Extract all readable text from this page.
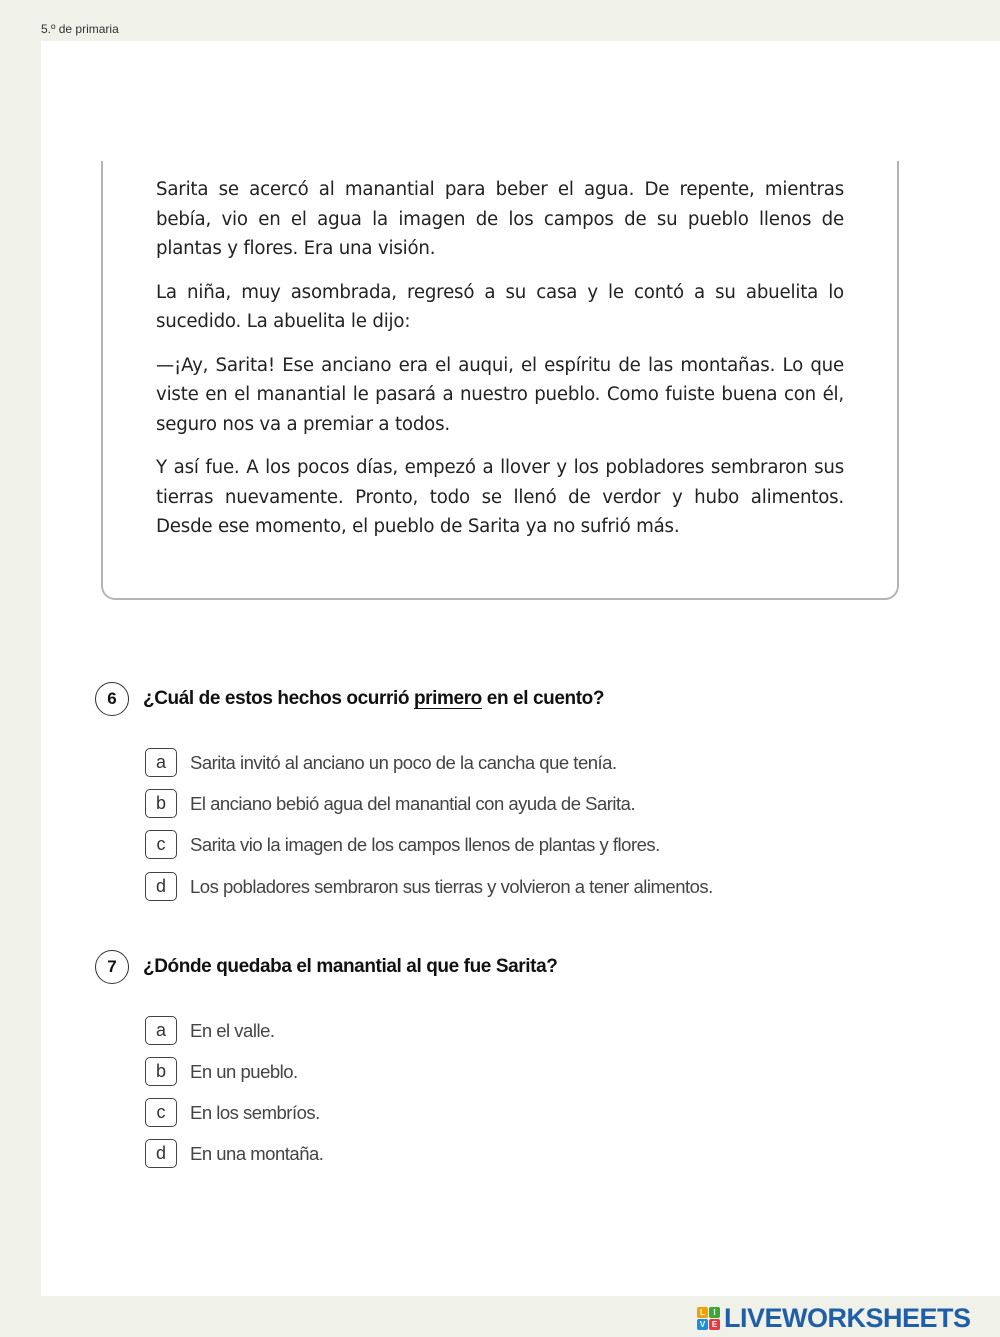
5.º de primaria

Sarita se acercó al manantial para beber el agua. De repente, mientras bebía, vio en el agua la imagen de los campos de su pueblo llenos de plantas y flores. Era una visión.

La niña, muy asombrada, regresó a su casa y le contó a su abuelita lo sucedido. La abuelita le dijo:

—¡Ay, Sarita! Ese anciano era el auqui, el espíritu de las montañas. Lo que viste en el manantial le pasará a nuestro pueblo. Como fuiste buena con él, seguro nos va a premiar a todos.

Y así fue. A los pocos días, empezó a llover y los pobladores sembraron sus tierras nuevamente. Pronto, todo se llenó de verdor y hubo alimentos. Desde ese momento, el pueblo de Sarita ya no sufrió más.

6	¿Cuál de estos hechos ocurrió primero en el cuento?
a	Sarita invitó al anciano un poco de la cancha que tenía.
b	El anciano bebió agua del manantial con ayuda de Sarita.
c	Sarita vio la imagen de los campos llenos de plantas y flores.
d	Los pobladores sembraron sus tierras y volvieron a tener alimentos.
7	¿Dónde quedaba el manantial al que fue Sarita?
a	En el valle.
b	En un pueblo.
c	En los sembríos.
d	En una montaña.
L	I
V E LIVEWORKSHEETS
